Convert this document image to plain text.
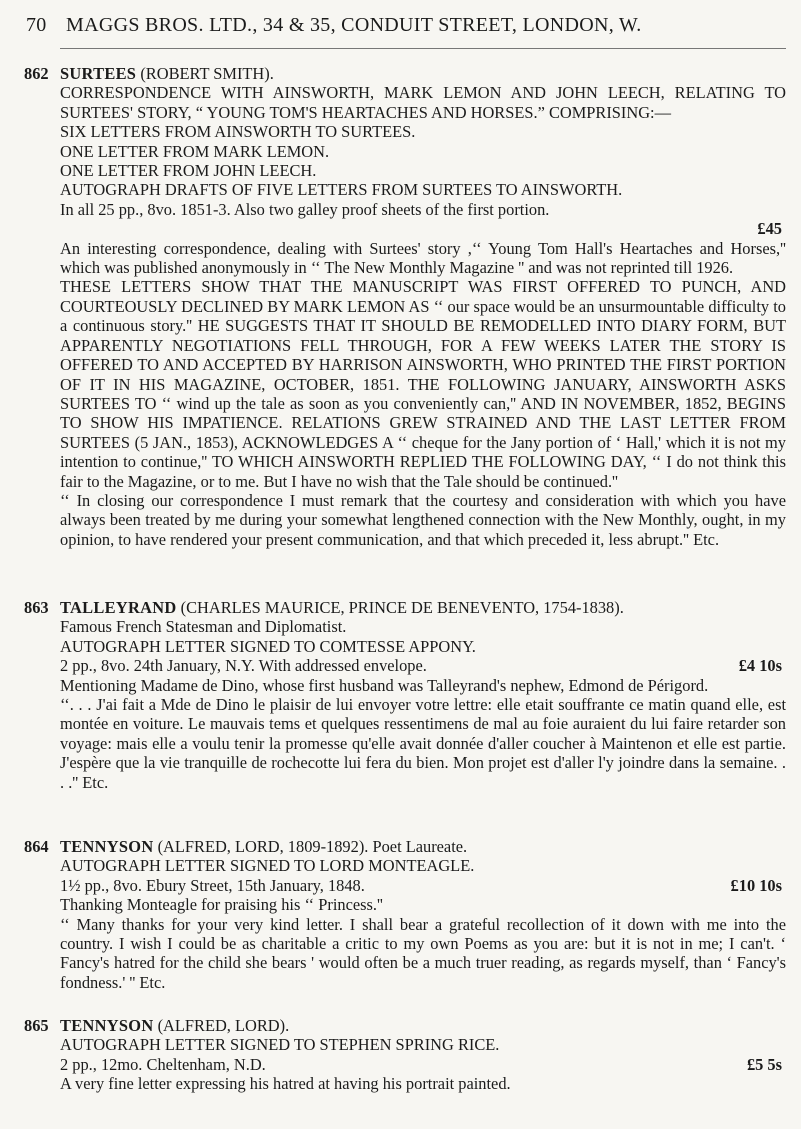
70 MAGGS BROS. LTD., 34 & 35, CONDUIT STREET, LONDON, W.

862 SURTEES (ROBERT SMITH).

CORRESPONDENCE WITH AINSWORTH, MARK LEMON AND JOHN LEECH, RELATING TO SURTEES' STORY, “ YOUNG TOM'S HEARTACHES AND HORSES.” COMPRISING:—

SIX LETTERS FROM AINSWORTH TO SURTEES.

ONE LETTER FROM MARK LEMON.

ONE LETTER FROM JOHN LEECH.

AUTOGRAPH DRAFTS OF FIVE LETTERS FROM SURTEES TO AINSWORTH.

In all 25 pp., 8vo. 1851-3. Also two galley proof sheets of the first portion.

£45

An interesting correspondence, dealing with Surtees' story ,‘‘ Young Tom Hall's Heartaches and Horses,'' which was published anonymously in ‘‘ The New Monthly Magazine '' and was not reprinted till 1926.

THESE LETTERS SHOW THAT THE MANUSCRIPT WAS FIRST OFFERED TO PUNCH, AND COURTEOUSLY DECLINED BY MARK LEMON AS ‘‘ our space would be an unsurmountable difficulty to a continuous story.'' HE SUGGESTS THAT IT SHOULD BE REMODELLED INTO DIARY FORM, BUT APPARENTLY NEGOTIATIONS FELL THROUGH, FOR A FEW WEEKS LATER THE STORY IS OFFERED TO AND ACCEPTED BY HARRISON AINSWORTH, WHO PRINTED THE FIRST PORTION OF IT IN HIS MAGAZINE, OCTOBER, 1851. THE FOLLOWING JANUARY, AINSWORTH ASKS SURTEES TO ‘‘ wind up the tale as soon as you conveniently can,'' AND IN NOVEMBER, 1852, BEGINS TO SHOW HIS IMPATIENCE. RELATIONS GREW STRAINED AND THE LAST LETTER FROM SURTEES (5 JAN., 1853), ACKNOWLEDGES A ‘‘ cheque for the Jany portion of ‘ Hall,' which it is not my intention to continue,'' TO WHICH AINSWORTH REPLIED THE FOLLOWING DAY, ‘‘ I do not think this fair to the Magazine, or to me. But I have no wish that the Tale should be continued.''

‘‘ In closing our correspondence I must remark that the courtesy and consideration with which you have always been treated by me during your somewhat lengthened connection with the New Monthly, ought, in my opinion, to have rendered your present communication, and that which preceded it, less abrupt.'' Etc.

863 TALLEYRAND (CHARLES MAURICE, PRINCE DE BENEVENTO, 1754-1838).

Famous French Statesman and Diplomatist.

AUTOGRAPH LETTER SIGNED TO COMTESSE APPONY.

2 pp., 8vo. 24th January, N.Y. With addressed envelope.	£4 10s

Mentioning Madame de Dino, whose first husband was Talleyrand's nephew, Edmond de Périgord.

‘‘. . . J'ai fait a Mde de Dino le plaisir de lui envoyer votre lettre: elle etait souffrante ce matin quand elle, est montée en voiture. Le mauvais tems et quelques ressentimens de mal au foie auraient du lui faire retarder son voyage: mais elle a voulu tenir la promesse qu'elle avait donnée d'aller coucher à Maintenon et elle est partie. J'espère que la vie tranquille de rochecotte lui fera du bien. Mon projet est d'aller l'y joindre dans la semaine. . . .'' Etc.

864 TENNYSON (ALFRED, LORD, 1809-1892). Poet Laureate.

AUTOGRAPH LETTER SIGNED TO LORD MONTEAGLE.

1½ pp., 8vo. Ebury Street, 15th January, 1848.	£10 10s

Thanking Monteagle for praising his ‘‘ Princess.''

‘‘ Many thanks for your very kind letter. I shall bear a grateful recollection of it down with me into the country. I wish I could be as charitable a critic to my own Poems as you are: but it is not in me; I can't. ‘ Fancy's hatred for the child she bears ' would often be a much truer reading, as regards myself, than ‘ Fancy's fondness.' '' Etc.

865 TENNYSON (ALFRED, LORD).

AUTOGRAPH LETTER SIGNED TO STEPHEN SPRING RICE.

2 pp., 12mo. Cheltenham, N.D.	£5 5s

A very fine letter expressing his hatred at having his portrait painted.
